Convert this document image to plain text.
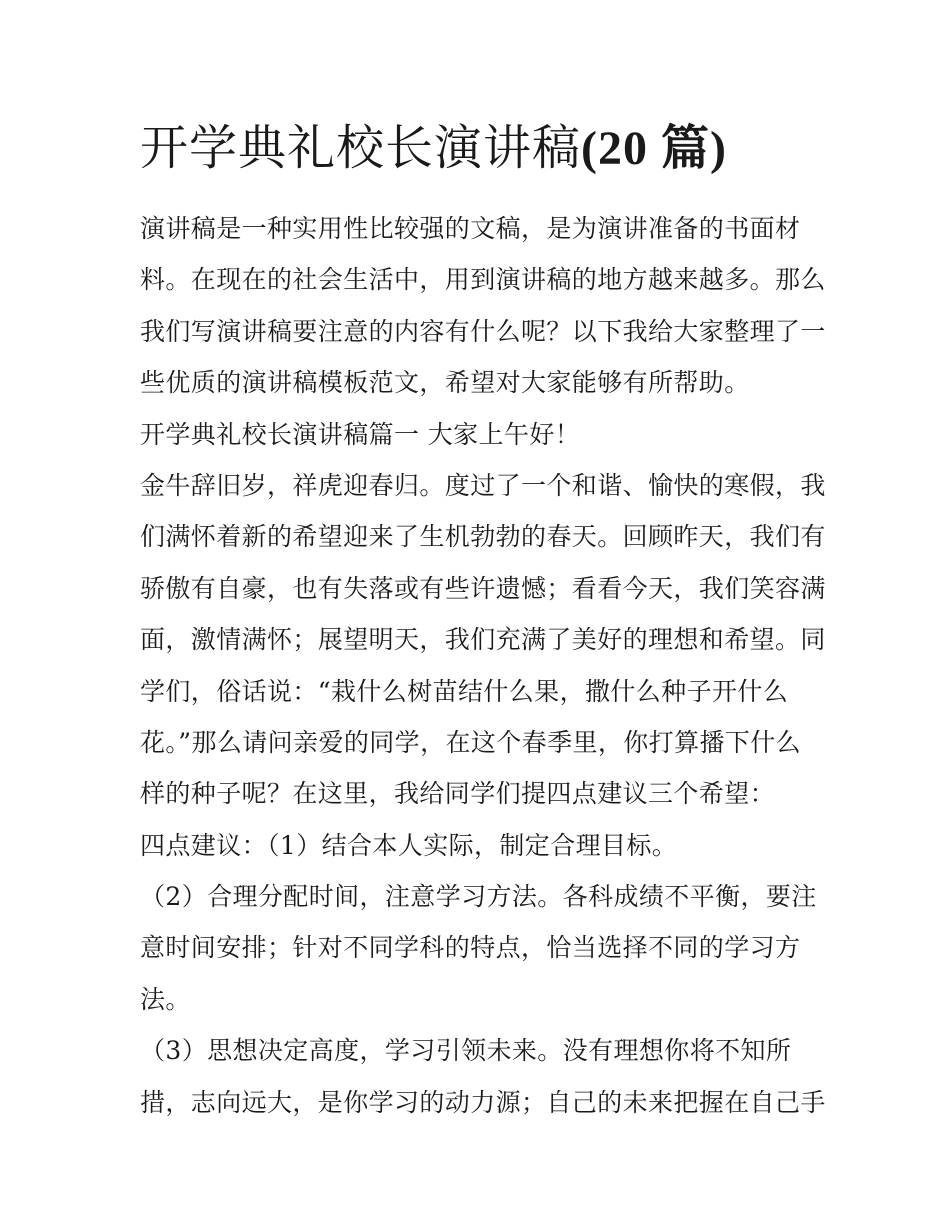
开学典礼校长演讲稿(20 篇)
演讲稿是一种实用性比较强的文稿，是为演讲准备的书面材
料。在现在的社会生活中，用到演讲稿的地方越来越多。那么
我们写演讲稿要注意的内容有什么呢？以下我给大家整理了一
些优质的演讲稿模板范文，希望对大家能够有所帮助。
开学典礼校长演讲稿篇一 大家上午好！
金牛辞旧岁，祥虎迎春归。度过了一个和谐、愉快的寒假，我
们满怀着新的希望迎来了生机勃勃的春天。回顾昨天，我们有
骄傲有自豪，也有失落或有些许遗憾；看看今天，我们笑容满
面，激情满怀；展望明天，我们充满了美好的理想和希望。同
学们，俗话说：“栽什么树苗结什么果，撒什么种子开什么
花。”那么请问亲爱的同学，在这个春季里，你打算播下什么
样的种子呢？在这里，我给同学们提四点建议三个希望：
四点建议：（1）结合本人实际，制定合理目标。
（2）合理分配时间，注意学习方法。各科成绩不平衡，要注
意时间安排；针对不同学科的特点，恰当选择不同的学习方
法。
（3）思想决定高度，学习引领未来。没有理想你将不知所
措，志向远大，是你学习的动力源；自己的未来把握在自己手
